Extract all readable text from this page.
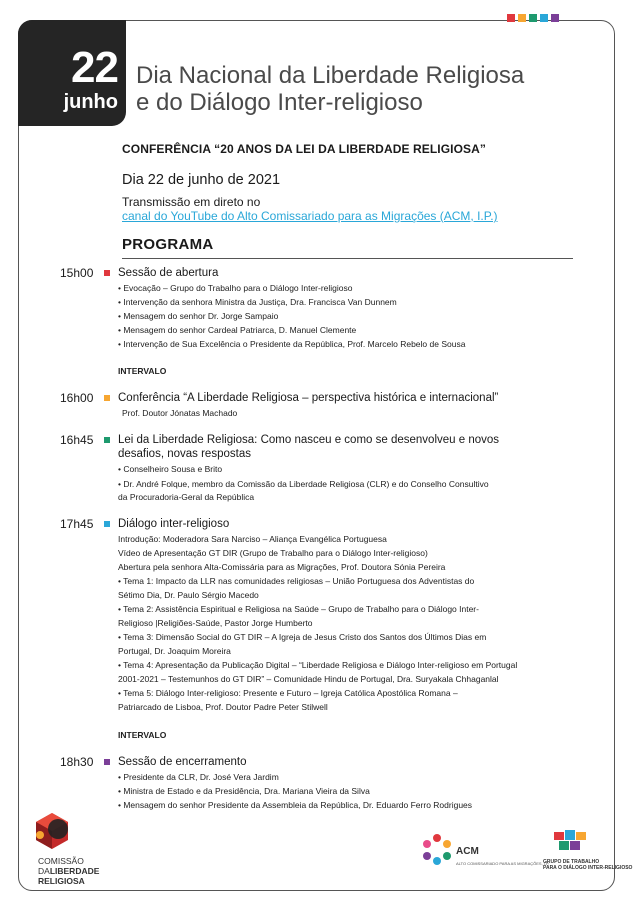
22
junho
Dia Nacional da Liberdade Religiosa
e do Diálogo Inter-religioso
CONFERÊNCIA “20 ANOS DA LEI DA LIBERDADE RELIGIOSA”
Dia 22 de junho de 2021
Transmissão em direto no
canal do YouTube do Alto Comissariado para as Migrações (ACM, I.P.)
PROGRAMA
15h00 Sessão de abertura
• Evocação – Grupo do Trabalho para o Diálogo Inter-religioso
• Intervenção da senhora Ministra da Justiça, Dra. Francisca Van Dunnem
• Mensagem do senhor Dr. Jorge Sampaio
• Mensagem do senhor Cardeal Patriarca, D. Manuel Clemente
• Intervenção de Sua Excelência o Presidente da República, Prof. Marcelo Rebelo de Sousa
INTERVALO
16h00 Conferência “A Liberdade Religiosa – perspectiva histórica e internacional”
Prof. Doutor Jónatas Machado
16h45 Lei da Liberdade Religiosa: Como nasceu e como se desenvolveu e novos
desafios, novas respostas
• Conselheiro Sousa e Brito
• Dr. André Folque, membro da Comissão da Liberdade Religiosa (CLR) e do Conselho Consultivo
da Procuradoria-Geral da República
17h45 Diálogo inter-religioso
Introdução: Moderadora Sara Narciso – Aliança Evangélica Portuguesa
Vídeo de Apresentação GT DIR (Grupo de Trabalho para o Diálogo Inter-religioso)
Abertura pela senhora Alta-Comissária para as Migrações, Prof. Doutora Sónia Pereira
• Tema 1: Impacto da LLR nas comunidades religiosas – União Portuguesa dos Adventistas do
Sétimo Dia, Dr. Paulo Sérgio Macedo
• Tema 2: Assistência Espiritual e Religiosa na Saúde – Grupo de Trabalho para o Diálogo Inter-
Religioso |Religiões-Saúde, Pastor Jorge Humberto
• Tema 3: Dimensão Social do GT DIR – A Igreja de Jesus Cristo dos Santos dos Últimos Dias em
Portugal, Dr. Joaquim Moreira
• Tema 4: Apresentação da Publicação Digital – “Liberdade Religiosa e Diálogo Inter-religioso em Portugal
2001-2021 – Testemunhos do GT DIR” – Comunidade Hindu de Portugal, Dra. Suryakala Chhaganlal
• Tema 5: Diálogo Inter-religioso: Presente e Futuro – Igreja Católica Apostólica Romana –
Patriarcado de Lisboa, Prof. Doutor Padre Peter Stilwell
INTERVALO
18h30 Sessão de encerramento
• Presidente da CLR, Dr. José Vera Jardim
• Ministra de Estado e da Presidência, Dra. Mariana Vieira da Silva
• Mensagem do senhor Presidente da Assembleia da República, Dr. Eduardo Ferro Rodrigues
COMISSÃO
DALIBERDADE
RELIGIOSA
ACM
ALTO COMISSARIADO PARA AS MIGRAÇÕES, I.P.
GRUPO DE TRABALHO
PARA O DIÁLOGO INTER-RELIGIOSO
